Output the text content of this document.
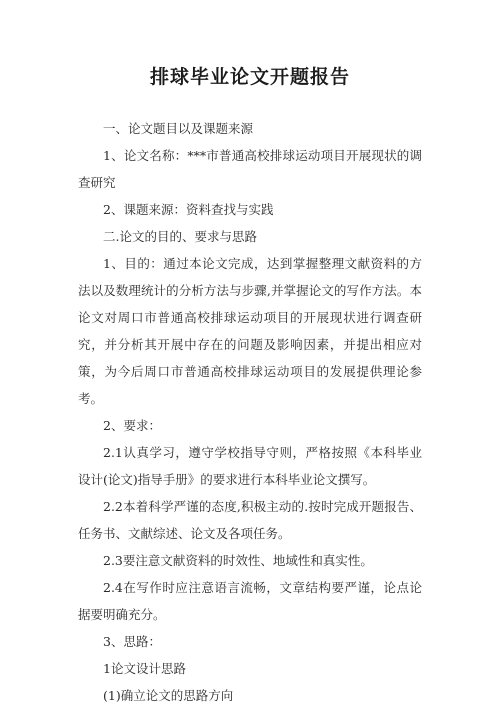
排球毕业论文开题报告

一、论文题目以及课题来源

1、论文名称：***市普通高校排球运动项目开展现状的调查研究

2、课题来源：资料查找与实践

二.论文的目的、要求与思路

1、目的：通过本论文完成，达到掌握整理文献资料的方法以及数理统计的分析方法与步骤,并掌握论文的写作方法。本论文对周口市普通高校排球运动项目的开展现状进行调查研究，并分析其开展中存在的问题及影响因素，并提出相应对策，为今后周口市普通高校排球运动项目的发展提供理论参考。

2、要求：

2.1认真学习，遵守学校指导守则，严格按照《本科毕业设计(论文)指导手册》的要求进行本科毕业论文撰写。

2.2本着科学严谨的态度,积极主动的.按时完成开题报告、任务书、文献综述、论文及各项任务。

2.3要注意文献资料的时效性、地域性和真实性。

2.4在写作时应注意语言流畅，文章结构要严谨，论点论据要明确充分。

3、思路：

1论文设计思路

(1)确立论文的思路方向
